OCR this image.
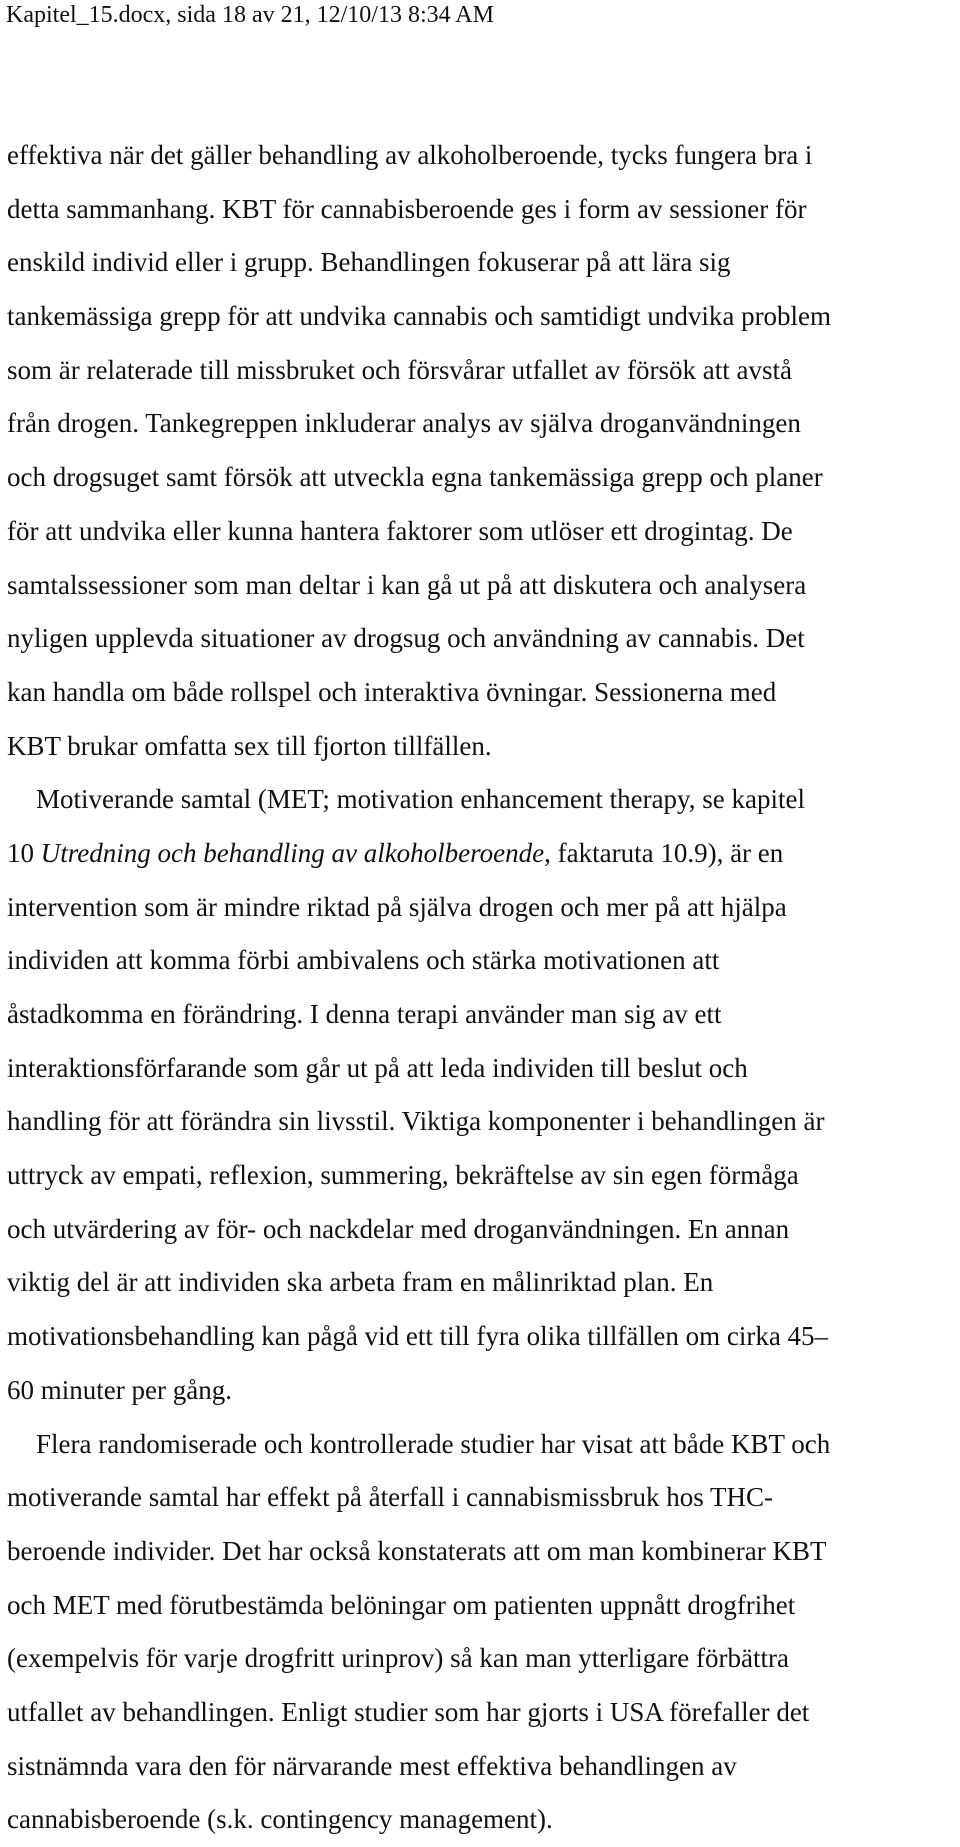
Kapitel_15.docx, sida 18 av 21, 12/10/13 8:34 AM
effektiva när det gäller behandling av alkoholberoende, tycks fungera bra i
detta sammanhang. KBT för cannabisberoende ges i form av sessioner för
enskild individ eller i grupp. Behandlingen fokuserar på att lära sig
tankemässiga grepp för att undvika cannabis och samtidigt undvika problem
som är relaterade till missbruket och försvårar utfallet av försök att avstå
från drogen. Tankegreppen inkluderar analys av själva droganvändningen
och drogsuget samt försök att utveckla egna tankemässiga grepp och planer
för att undvika eller kunna hantera faktorer som utlöser ett drogintag. De
samtalssessioner som man deltar i kan gå ut på att diskutera och analysera
nyligen upplevda situationer av drogsug och användning av cannabis. Det
kan handla om både rollspel och interaktiva övningar. Sessionerna med
KBT brukar omfatta sex till fjorton tillfällen.
Motiverande samtal (MET; motivation enhancement therapy, se kapitel
10 Utredning och behandling av alkoholberoende, faktaruta 10.9), är en
intervention som är mindre riktad på själva drogen och mer på att hjälpa
individen att komma förbi ambivalens och stärka motivationen att
åstadkomma en förändring. I denna terapi använder man sig av ett
interaktionsförfarande som går ut på att leda individen till beslut och
handling för att förändra sin livsstil. Viktiga komponenter i behandlingen är
uttryck av empati, reflexion, summering, bekräftelse av sin egen förmåga
och utvärdering av för- och nackdelar med droganvändningen. En annan
viktig del är att individen ska arbeta fram en målinriktad plan. En
motivationsbehandling kan pågå vid ett till fyra olika tillfällen om cirka 45–
60 minuter per gång.
Flera randomiserade och kontrollerade studier har visat att både KBT och
motiverande samtal har effekt på återfall i cannabismissbruk hos THC-
beroende individer. Det har också konstaterats att om man kombinerar KBT
och MET med förutbestämda belöningar om patienten uppnått drogfrihet
(exempelvis för varje drogfritt urinprov) så kan man ytterligare förbättra
utfallet av behandlingen. Enligt studier som har gjorts i USA förefaller det
sistnämnda vara den för närvarande mest effektiva behandlingen av
cannabisberoende (s.k. contingency management).
